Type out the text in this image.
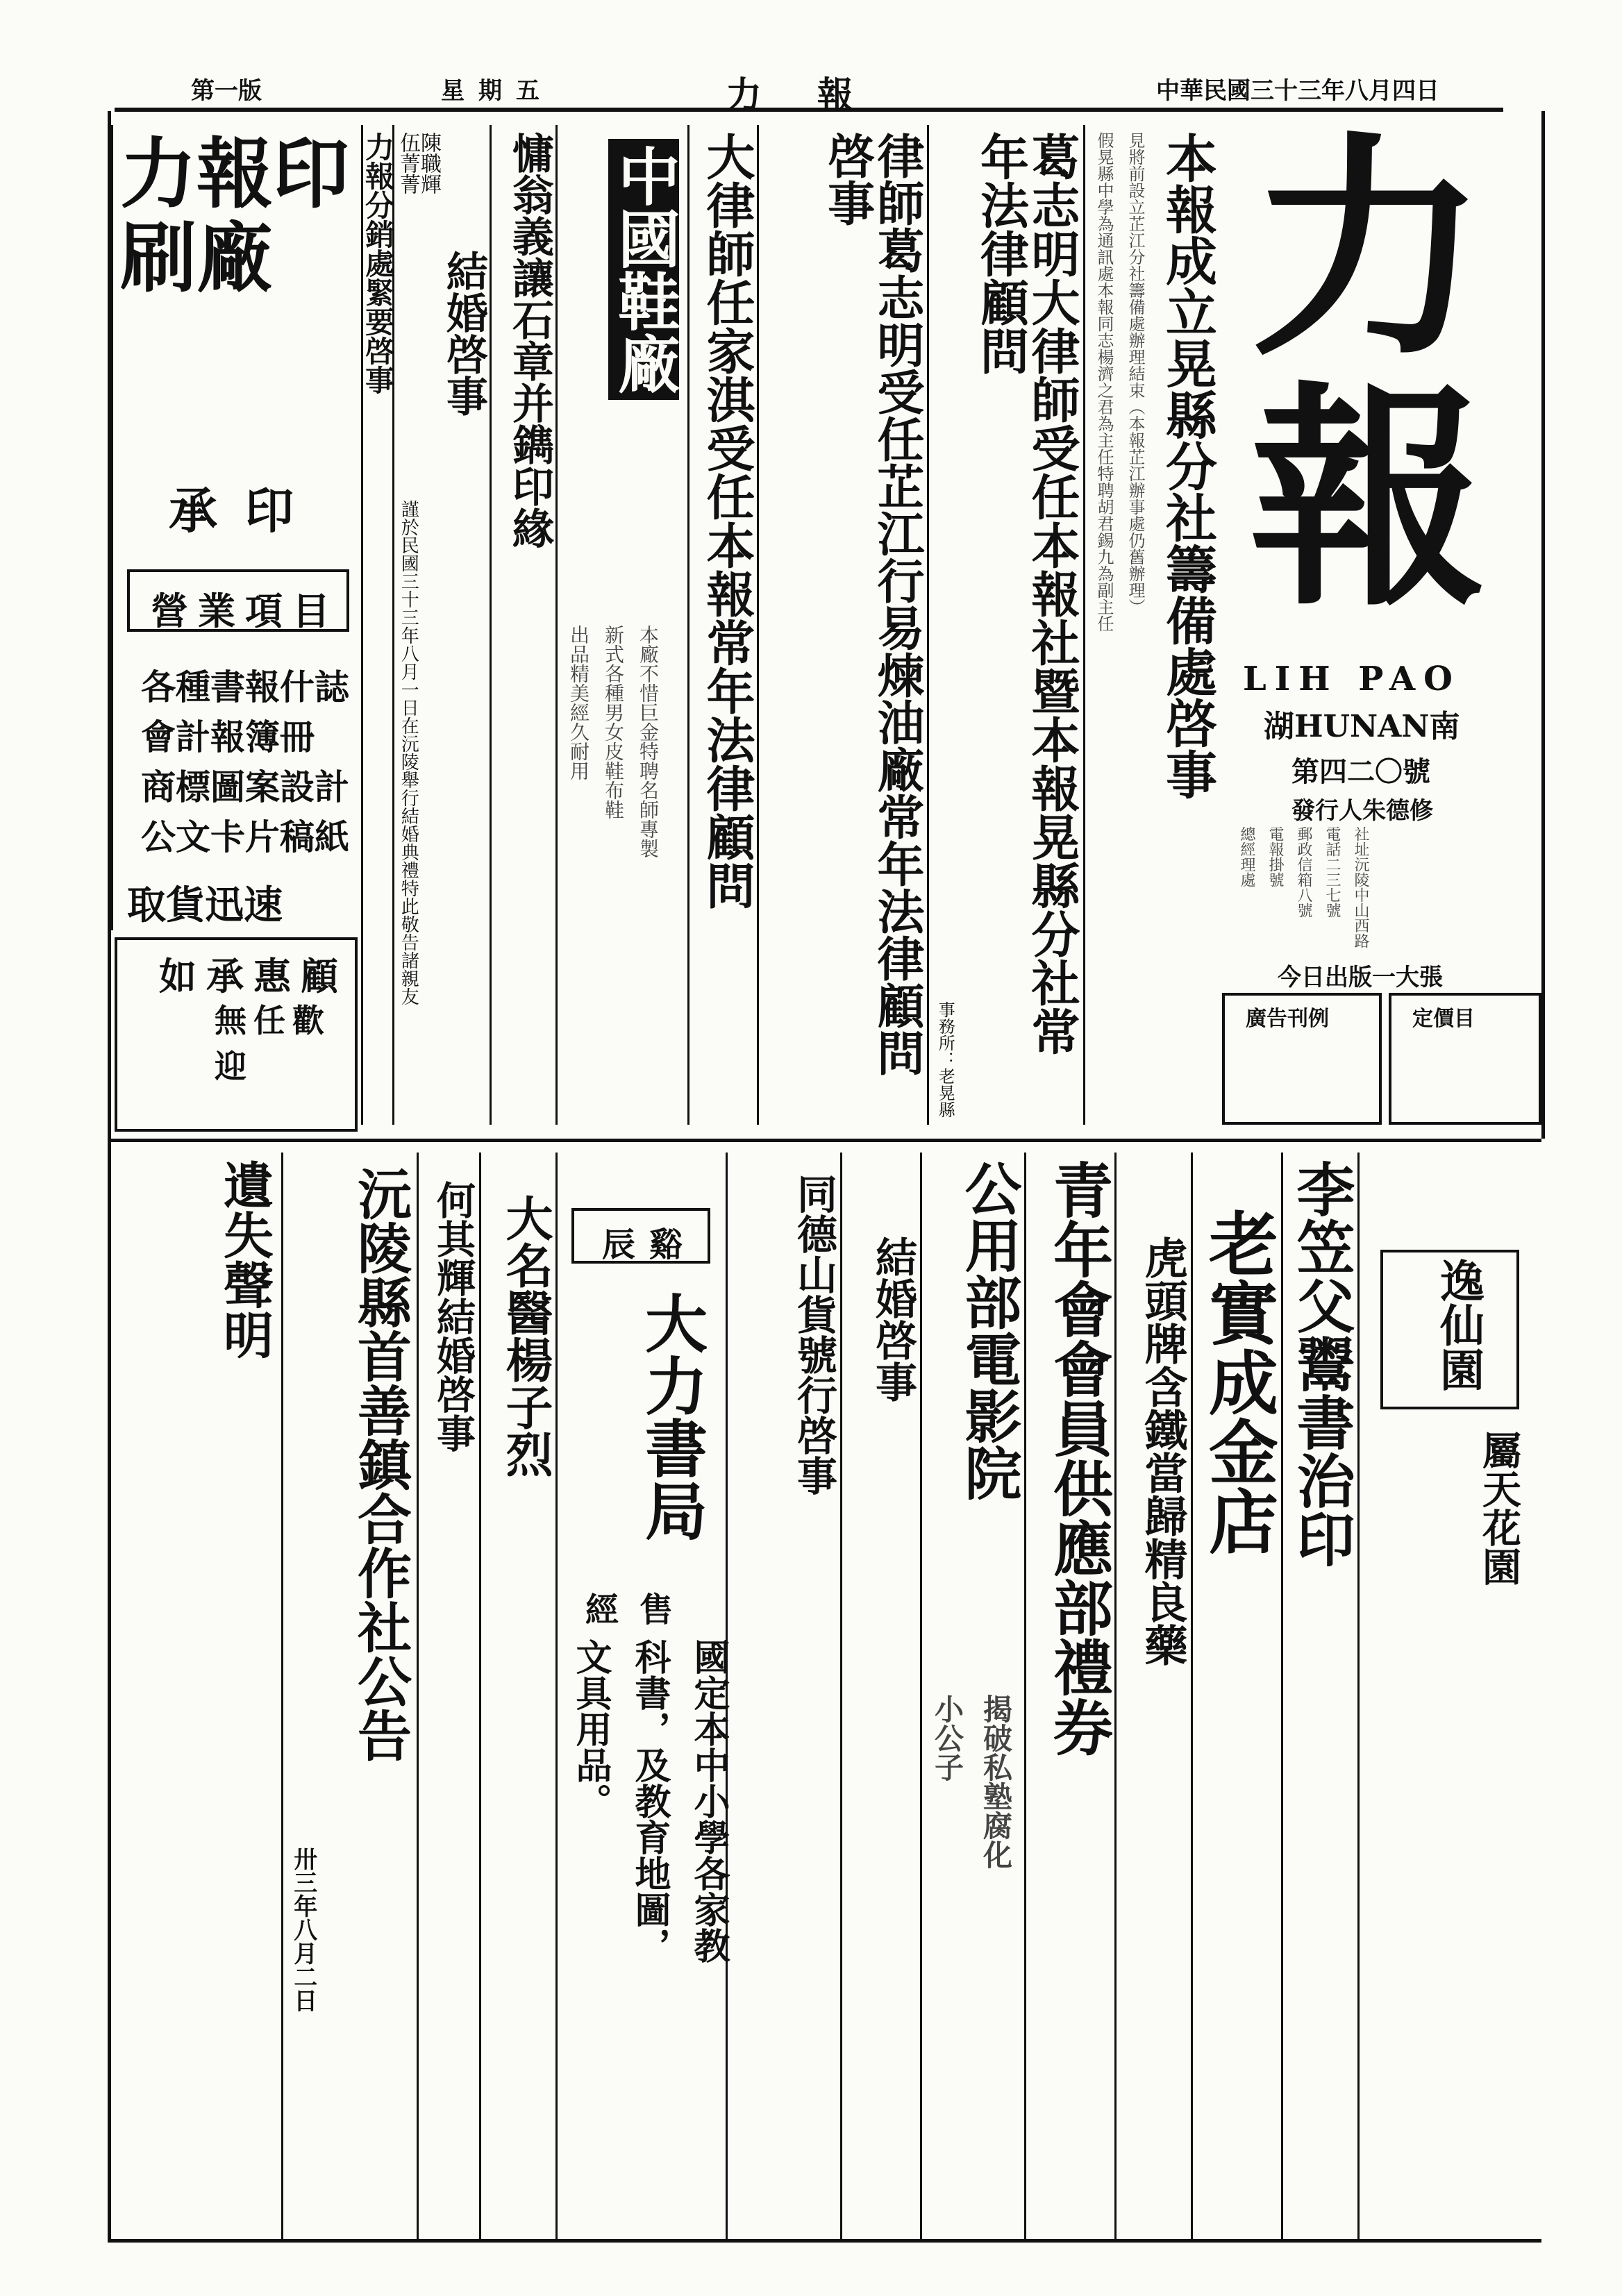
第一版	星期五	力報	中華民國三十三年八月四日
力
報
LIH PAO
湖HUNAN南
第四二〇號
發行人朱德修
社址沅陵中山西路
電話二三七號
郵政信箱八號
電報掛號
總經理處
今日出版一大張
廣告刊例	定價目
本報成立晃縣分社籌備處啓事
見將前設立芷江分社籌備處辦理結束（本報芷江辦事處仍舊辦理）
假晃縣中學為通訊處本報同志楊濟之君為主任特聘胡君錫九為副主任
葛志明大律師受任本報社暨本報晃縣分社常年法律顧問
事務所：老晃縣
律師葛志明受任芷江行易煉油廠常年法律顧問啓事
大律師任家淇受任本報常年法律顧問
中國鞋廠
本廠不惜巨金特聘名師專製
新式各種男女皮鞋布鞋
出品精美經久耐用
慵翁義讓石章并鐫印緣
結婚啓事
陳職輝
伍菁菁
謹於民國三十三年八月一日在沅陵舉行結婚典禮特此敬告諸親友
力報分銷處緊要啓事
力報印刷廠
承印
營業項目
各種書報什誌
會計報簿冊
商標圖案設計
公文卡片稿紙
取貨迅速
如承惠顧
無任歡迎
逸仙園
屬天花園
李笠父鬻書治印
老實成金店
虎頭牌含鐵當歸精良藥
青年會會員供應部禮券
公用部電影院
揭破私塾腐化
小公子
結婚啓事
同德山貨號行啓事
辰谿
大力書局
經售
國定本中小學各家教
科書，及教育地圖，
文具用品。
大名醫楊子烈
何其輝結婚啓事
沅陵縣首善鎮合作社公告
卅三年八月二日
遺失聲明
